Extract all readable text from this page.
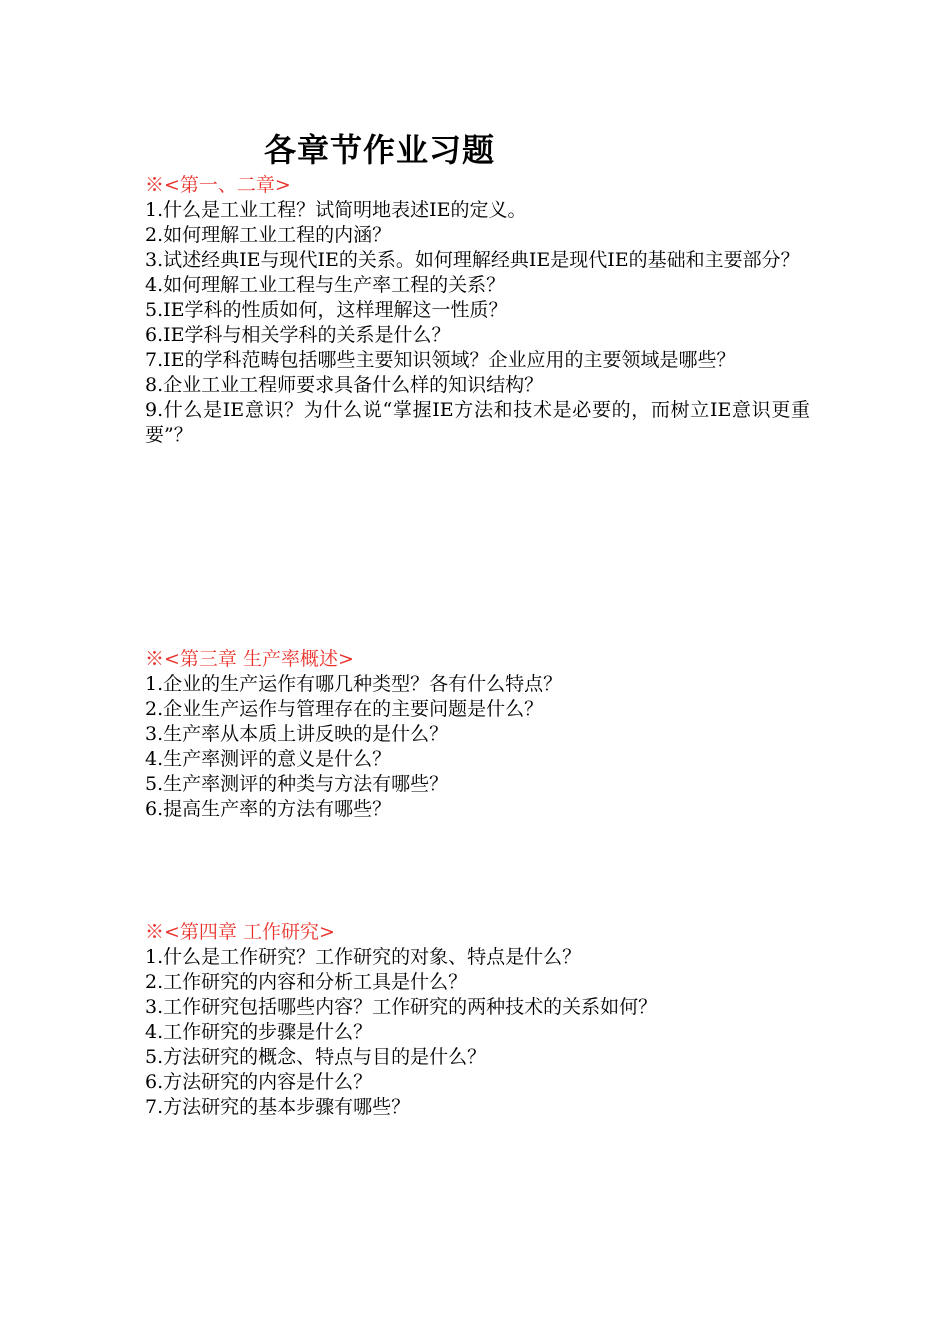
各章节作业习题

※<第一、二章>

1.什么是工业工程？试简明地表述IE的定义。
2.如何理解工业工程的内涵？
3.试述经典IE与现代IE的关系。如何理解经典IE是现代IE的基础和主要部分？
4.如何理解工业工程与生产率工程的关系？
5.IE学科的性质如何，这样理解这一性质？
6.IE学科与相关学科的关系是什么？
7.IE的学科范畴包括哪些主要知识领域？企业应用的主要领域是哪些？
8.企业工业工程师要求具备什么样的知识结构？
9.什么是IE意识？为什么说“掌握IE方法和技术是必要的，而树立IE意识更重要”？

※<第三章 生产率概述>

1.企业的生产运作有哪几种类型？各有什么特点？
2.企业生产运作与管理存在的主要问题是什么？
3.生产率从本质上讲反映的是什么？
4.生产率测评的意义是什么？
5.生产率测评的种类与方法有哪些？
6.提高生产率的方法有哪些？

※<第四章 工作研究>

1.什么是工作研究？工作研究的对象、特点是什么？
2.工作研究的内容和分析工具是什么？
3.工作研究包括哪些内容？工作研究的两种技术的关系如何？
4.工作研究的步骤是什么？
5.方法研究的概念、特点与目的是什么？
6.方法研究的内容是什么？
7.方法研究的基本步骤有哪些？
